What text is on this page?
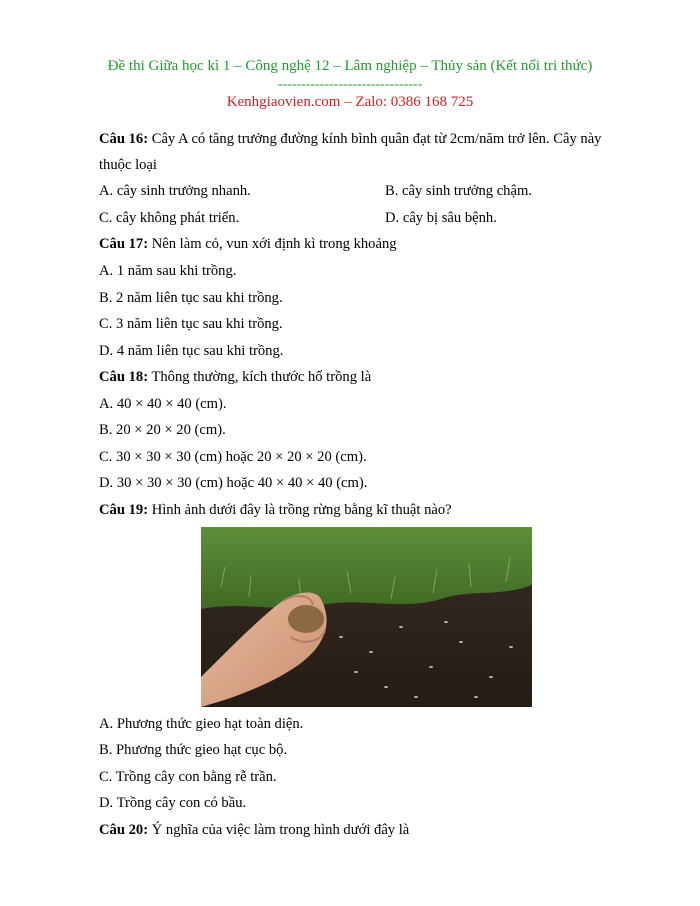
Đề thi Giữa học kì 1 – Công nghệ 12 – Lâm nghiệp – Thủy sản (Kết nối tri thức)
-------------------------------
Kenhgiaovien.com – Zalo: 0386 168 725
Câu 16: Cây A có tăng trưởng đường kính bình quân đạt từ 2cm/năm trở lên. Cây này
thuộc loại
A. cây sinh trưởng nhanh.	B. cây sinh trưởng chậm.
C. cây không phát triển.	D. cây bị sâu bệnh.
Câu 17: Nên làm cỏ, vun xới định kì trong khoảng
A. 1 năm sau khi trồng.
B. 2 năm liên tục sau khi trồng.
C. 3 năm liên tục sau khi trồng.
D. 4 năm liên tục sau khi trồng.
Câu 18: Thông thường, kích thước hố trồng là
A. 40 × 40 × 40 (cm).
B. 20 × 20 × 20 (cm).
C. 30 × 30 × 30 (cm) hoặc 20 × 20 × 20 (cm).
D. 30 × 30 × 30 (cm) hoặc 40 × 40 × 40 (cm).
Câu 19: Hình ảnh dưới đây là trồng rừng bằng kĩ thuật nào?
A. Phương thức gieo hạt toàn diện.
B. Phương thức gieo hạt cục bộ.
C. Trồng cây con bằng rễ trần.
D. Trồng cây con có bầu.
Câu 20: Ý nghĩa của việc làm trong hình dưới đây là
